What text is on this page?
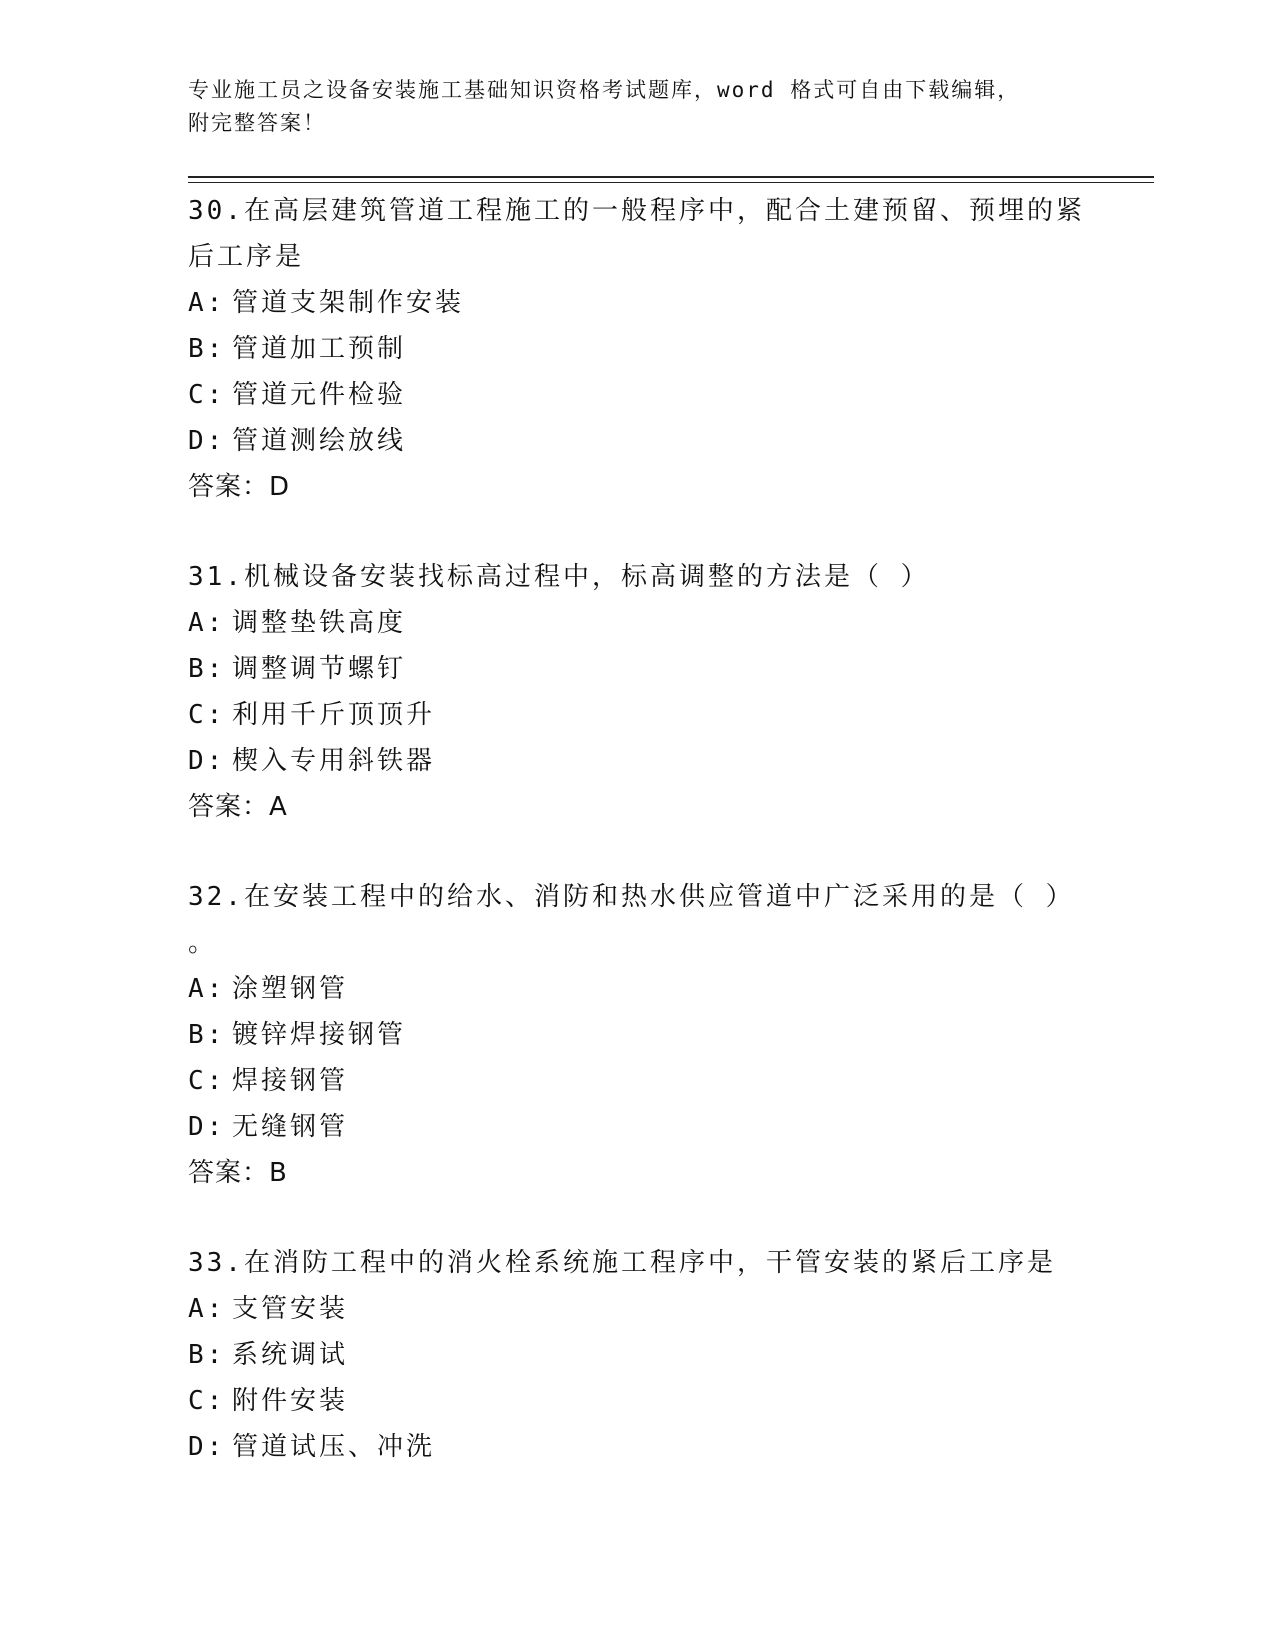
专业施工员之设备安装施工基础知识资格考试题库，word 格式可自由下载编辑，
附完整答案！

30.在高层建筑管道工程施工的一般程序中，配合土建预留、预埋的紧

后工序是

A: 管道支架制作安装

B: 管道加工预制

C: 管道元件检验

D: 管道测绘放线

答案：D

31.机械设备安装找标高过程中，标高调整的方法是（ ）

A: 调整垫铁高度

B: 调整调节螺钉

C: 利用千斤顶顶升

D: 楔入专用斜铁器

答案：A

32.在安装工程中的给水、消防和热水供应管道中广泛采用的是（ ）

。

A: 涂塑钢管

B: 镀锌焊接钢管

C: 焊接钢管

D: 无缝钢管

答案：B

33.在消防工程中的消火栓系统施工程序中，干管安装的紧后工序是

A: 支管安装

B: 系统调试

C: 附件安装

D: 管道试压、冲洗
